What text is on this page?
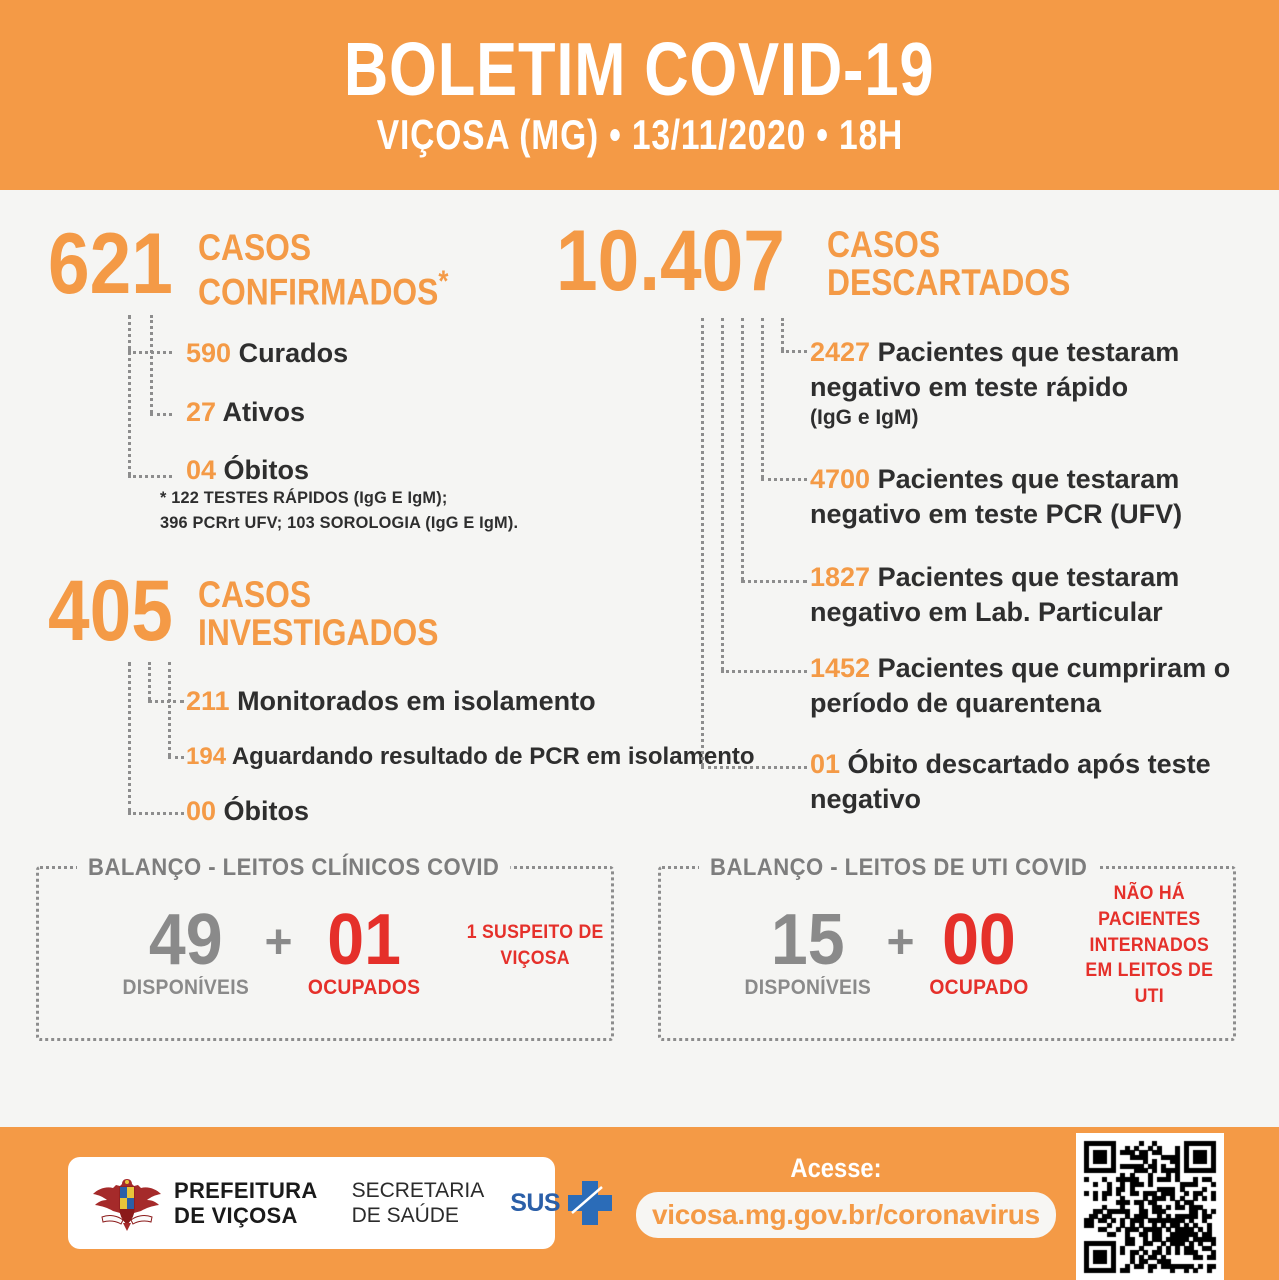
BOLETIM COVID-19
VIÇOSA (MG) • 13/11/2020 • 18H
621 CASOS
CONFIRMADOS*
590 Curados
27 Ativos
04 Óbitos
* 122 TESTES RÁPIDOS (IgG E IgM);
396 PCRrt UFV; 103 SOROLOGIA (IgG E IgM).
405 CASOS
INVESTIGADOS
211 Monitorados em isolamento
194 Aguardando resultado de PCR em isolamento
00 Óbitos
10.407 CASOS
DESCARTADOS
2427 Pacientes que testaram negativo em teste rápido
(IgG e IgM)
4700 Pacientes que testaram negativo em teste PCR (UFV)
1827 Pacientes que testaram negativo em Lab. Particular
1452 Pacientes que cumpriram o período de quarentena
01 Óbito descartado após teste negativo
BALANÇO - LEITOS CLÍNICOS COVID
49
DISPONÍVEIS
+ 01
OCUPADOS
1 SUSPEITO DE VIÇOSA
BALANÇO - LEITOS DE UTI COVID
15
DISPONÍVEIS
+ 00
OCUPADO
NÃO HÁ PACIENTES INTERNADOS
EM LEITOS DE UTI
PREFEITURA
DE VIÇOSA
SECRETARIA
DE SAÚDE	SUS
Acesse:
vicosa.mg.gov.br/coronavirus
